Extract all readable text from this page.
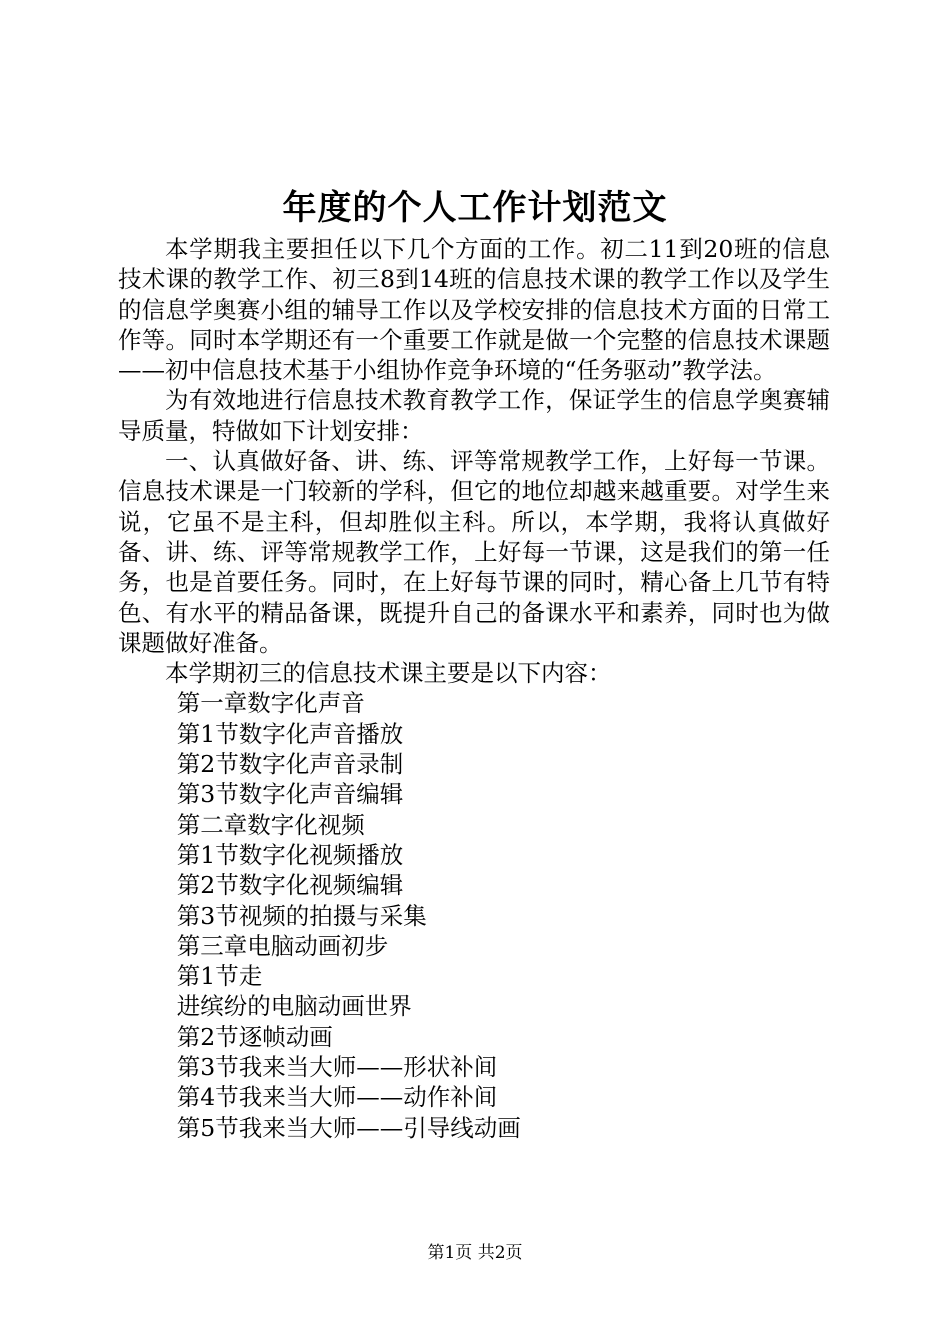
年度的个人工作计划范文

本学期我主要担任以下几个方面的工作。初二11到20班的信息技术课的教学工作、初三8到14班的信息技术课的教学工作以及学生的信息学奥赛小组的辅导工作以及学校安排的信息技术方面的日常工作等。同时本学期还有一个重要工作就是做一个完整的信息技术课题——初中信息技术基于小组协作竞争环境的“任务驱动”教学法。

为有效地进行信息技术教育教学工作，保证学生的信息学奥赛辅导质量，特做如下计划安排：

一、认真做好备、讲、练、评等常规教学工作，上好每一节课。信息技术课是一门较新的学科，但它的地位却越来越重要。对学生来说，它虽不是主科，但却胜似主科。所以，本学期，我将认真做好备、讲、练、评等常规教学工作，上好每一节课，这是我们的第一任务，也是首要任务。同时，在上好每节课的同时，精心备上几节有特色、有水平的精品备课，既提升自己的备课水平和素养，同时也为做课题做好准备。

本学期初三的信息技术课主要是以下内容：

第一章数字化声音

第1节数字化声音播放

第2节数字化声音录制

第3节数字化声音编辑

第二章数字化视频

第1节数字化视频播放

第2节数字化视频编辑

第3节视频的拍摄与采集

第三章电脑动画初步

第1节走

进缤纷的电脑动画世界

第2节逐帧动画

第3节我来当大师——形状补间

第4节我来当大师——动作补间

第5节我来当大师——引导线动画

第1页 共2页
